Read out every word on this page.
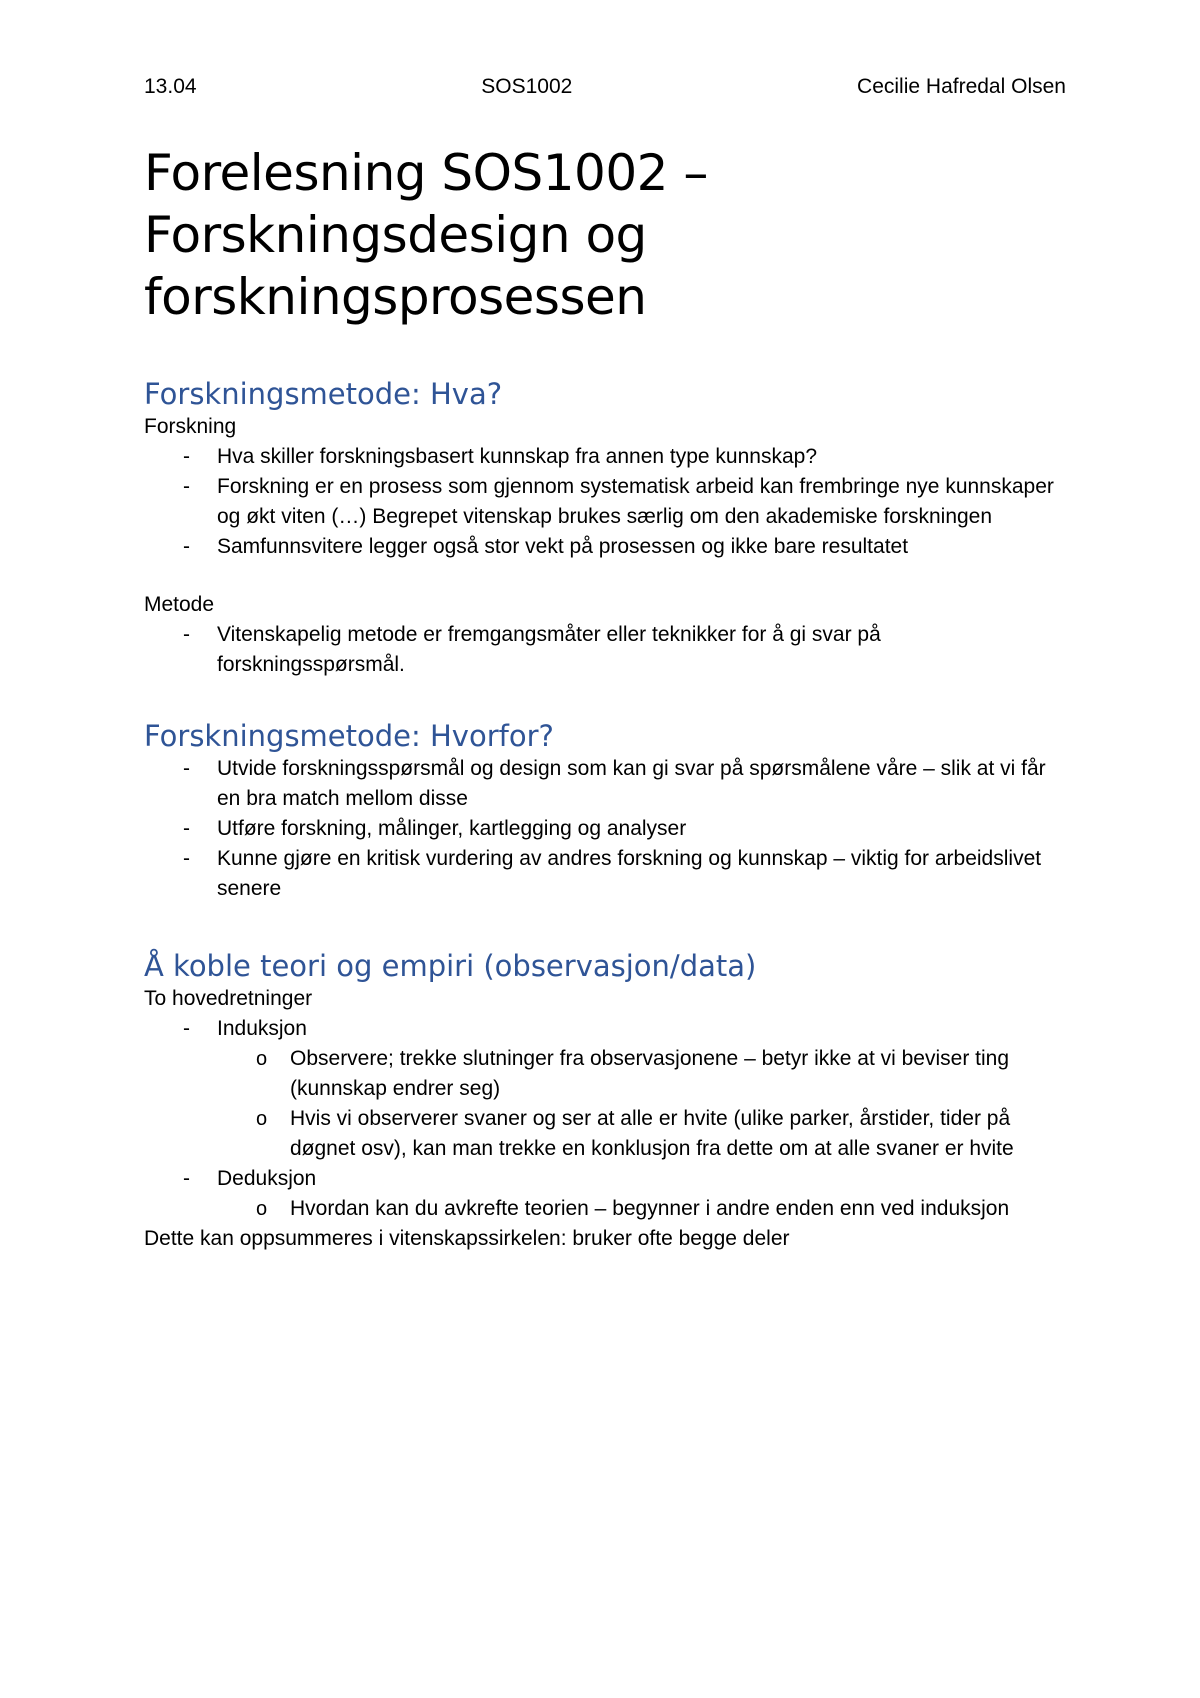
13.04	SOS1002	Cecilie Hafredal Olsen
Forelesning SOS1002 – Forskningsdesign og forskningsprosessen
Forskningsmetode: Hva?

Forskning

- Hva skiller forskningsbasert kunnskap fra annen type kunnskap?
- Forskning er en prosess som gjennom systematisk arbeid kan frembringe nye kunnskaper og økt viten (…) Begrepet vitenskap brukes særlig om den akademiske forskningen
- Samfunnsvitere legger også stor vekt på prosessen og ikke bare resultatet

Metode

- Vitenskapelig metode er fremgangsmåter eller teknikker for å gi svar på forskningsspørsmål.
Forskningsmetode: Hvorfor?
- Utvide forskningsspørsmål og design som kan gi svar på spørsmålene våre – slik at vi får en bra match mellom disse
- Utføre forskning, målinger, kartlegging og analyser
- Kunne gjøre en kritisk vurdering av andres forskning og kunnskap – viktig for arbeidslivet senere
Å koble teori og empiri (observasjon/data)

To hovedretninger

- Induksjon
o Observere; trekke slutninger fra observasjonene – betyr ikke at vi beviser ting (kunnskap endrer seg)
o Hvis vi observerer svaner og ser at alle er hvite (ulike parker, årstider, tider på døgnet osv), kan man trekke en konklusjon fra dette om at alle svaner er hvite
- Deduksjon
o Hvordan kan du avkrefte teorien – begynner i andre enden enn ved induksjon

Dette kan oppsummeres i vitenskapssirkelen: bruker ofte begge deler
